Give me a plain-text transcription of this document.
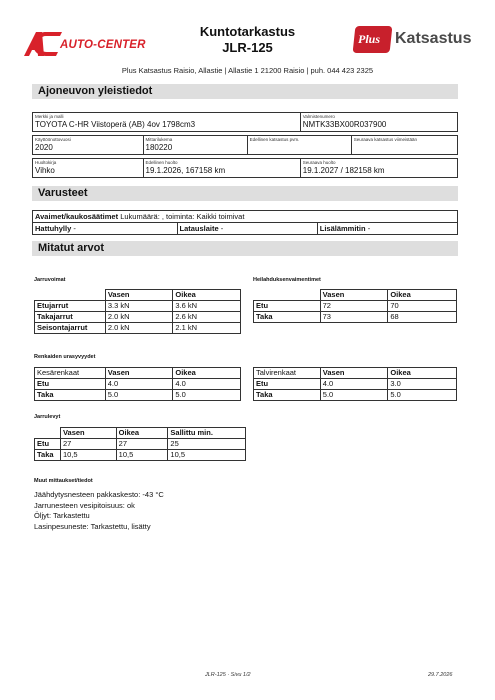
AUTO-CENTER
Kuntotarkastus
JLR-125
Plus Katsastus
Plus Katsastus Raisio, Allastie | Allastie 1 21200 Raisio | puh. 044 423 2325
Ajoneuvon yleistiedot
Merkki ja malli
TOYOTA C-HR Viistoperä (AB) 4ov 1798cm3

Valmistenumero
NMTK33BX00R037900
Käyttöönottovuosi
2020

Mittarilukema
180220

Edellinen katsastus pvm.	Seuraava katsastus viimeistään
Huoltokirja
Vihko

Edellinen huolto
19.1.2026, 167158 km

Seuraava huolto
19.1.2027 / 182158 km
Varusteet
Avaimet/kaukosäätimet Lukumäärä: , toiminta: Kaikki toimivat
Hattuhylly -	Latauslaite -	Lisälämmitin -
Mitatut arvot
Jarruvoimat
	Vasen	Oikea
Etujarrut	3.3 kN	3.6 kN
Takajarrut	2.0 kN	2.6 kN
Seisontajarrut	2.0 kN	2.1 kN
Heilahduksenvaimentimet
	Vasen	Oikea
Etu	72	70
Taka	73	68
Renkaiden urasyvyydet
Kesärenkaat	Vasen	Oikea
Etu	4.0	4.0
Taka	5.0	5.0
Talvirenkaat	Vasen	Oikea
Etu	4.0	3.0
Taka	5.0	5.0
Jarrulevyt
	Vasen	Oikea	Sallittu min.
Etu	27	27	25
Taka	10,5	10,5	10,5
Muut mittaukset/tiedot
Jäähdytysnesteen pakkaskesto: -43 °C
Jarrunesteen vesipitoisuus: ok
Öljyt: Tarkastettu
Lasinpesuneste: Tarkastettu, lisätty
JLR-125 · Sivu 1/2	29.7.2026
